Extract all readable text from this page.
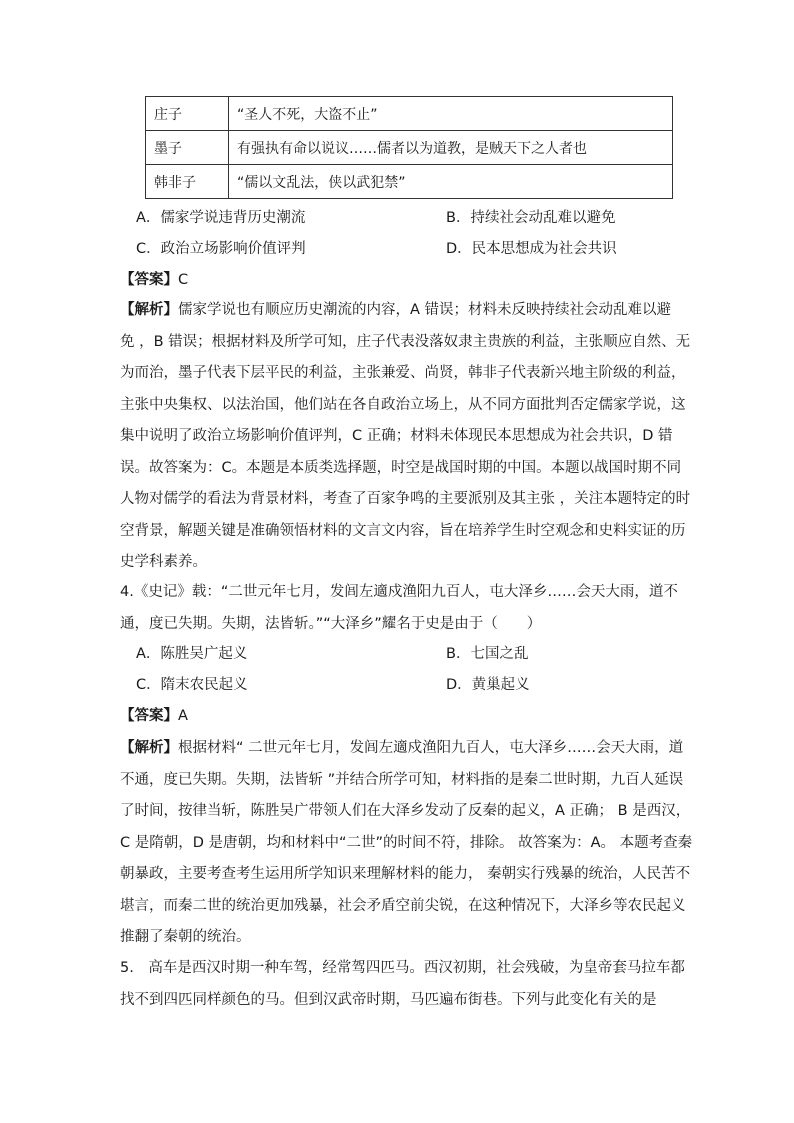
庄子	“圣人不死，大盗不止”
墨子	有强执有命以说议……儒者以为道教，是贼天下之人者也
韩非子	“儒以文乱法，侠以武犯禁”
A．儒家学说违背历史潮流	B．持续社会动乱难以避免
C．政治立场影响价值评判	D．民本思想成为社会共识
【答案】C
【解析】儒家学说也有顺应历史潮流的内容，A 错误；材料未反映持续社会动乱难以避
免 ，B 错误；根据材料及所学可知，庄子代表没落奴隶主贵族的利益，主张顺应自然、无
为而治，墨子代表下层平民的利益，主张兼爱、尚贤，韩非子代表新兴地主阶级的利益，
主张中央集权、以法治国，他们站在各自政治立场上，从不同方面批判否定儒家学说，这
集中说明了政治立场影响价值评判，C 正确；材料未体现民本思想成为社会共识，D 错
误。故答案为：C。本题是本质类选择题，时空是战国时期的中国。本题以战国时期不同
人物对儒学的看法为背景材料，考查了百家争鸣的主要派别及其主张 ，关注本题特定的时
空背景，解题关键是准确领悟材料的文言文内容，旨在培养学生时空观念和史料实证的历
史学科素养。
4.《史记》载：“二世元年七月，发闾左適戍渔阳九百人，屯大泽乡……会天大雨，道不
通，度已失期。失期，法皆斩。”“大泽乡”耀名于史是由于（　　）
A．陈胜吴广起义	B．七国之乱
C．隋末农民起义	D．黄巢起义
【答案】A
【解析】根据材料“ 二世元年七月，发闾左適戍渔阳九百人，屯大泽乡……会天大雨，道
不通，度已失期。失期，法皆斩 ”并结合所学可知，材料指的是秦二世时期，九百人延误
了时间，按律当斩，陈胜吴广带领人们在大泽乡发动了反秦的起义，A 正确； B 是西汉，
C 是隋朝，D 是唐朝，均和材料中“二世”的时间不符，排除。 故答案为：A。 本题考查秦
朝暴政，主要考查考生运用所学知识来理解材料的能力， 秦朝实行残暴的统治，人民苦不
堪言，而秦二世的统治更加残暴，社会矛盾空前尖锐，在这种情况下，大泽乡等农民起义
推翻了秦朝的统治。
5.　高车是西汉时期一种车驾，经常驾四匹马。西汉初期，社会残破，为皇帝套马拉车都
找不到四匹同样颜色的马。但到汉武帝时期，马匹遍布街巷。下列与此变化有关的是
